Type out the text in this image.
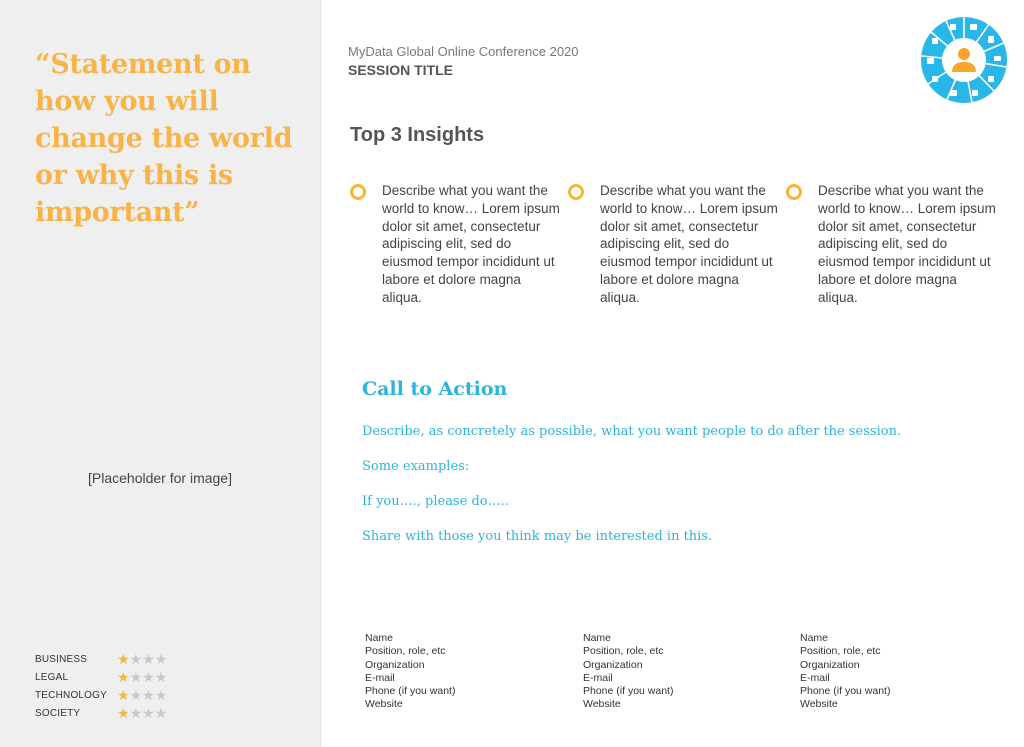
“Statement on how you will change the world or why this is important”

[Placeholder for image]
BUSINESS	★★★★
LEGAL	★★★★
TECHNOLOGY ★★★★
SOCIETY	★★★★
MyData Global Online Conference 2020
SESSION TITLE
Top 3 Insights
Describe what you want the world to know… Lorem ipsum dolor sit amet, consectetur adipiscing elit, sed do eiusmod tempor incididunt ut labore et dolore magna aliqua.
Describe what you want the world to know… Lorem ipsum dolor sit amet, consectetur adipiscing elit, sed do eiusmod tempor incididunt ut labore et dolore magna aliqua.
Describe what you want the world to know… Lorem ipsum dolor sit amet, consectetur adipiscing elit, sed do eiusmod tempor incididunt ut labore et dolore magna aliqua.
Call to Action
Describe, as concretely as possible, what you want people to do after the session.
Some examples:
If you…., please do…..
Share with those you think may be interested in this.
Name
Position, role, etc
Organization
E-mail
Phone (if you want)
Website
Name
Position, role, etc
Organization
E-mail
Phone (if you want)
Website
Name
Position, role, etc
Organization
E-mail
Phone (if you want)
Website
